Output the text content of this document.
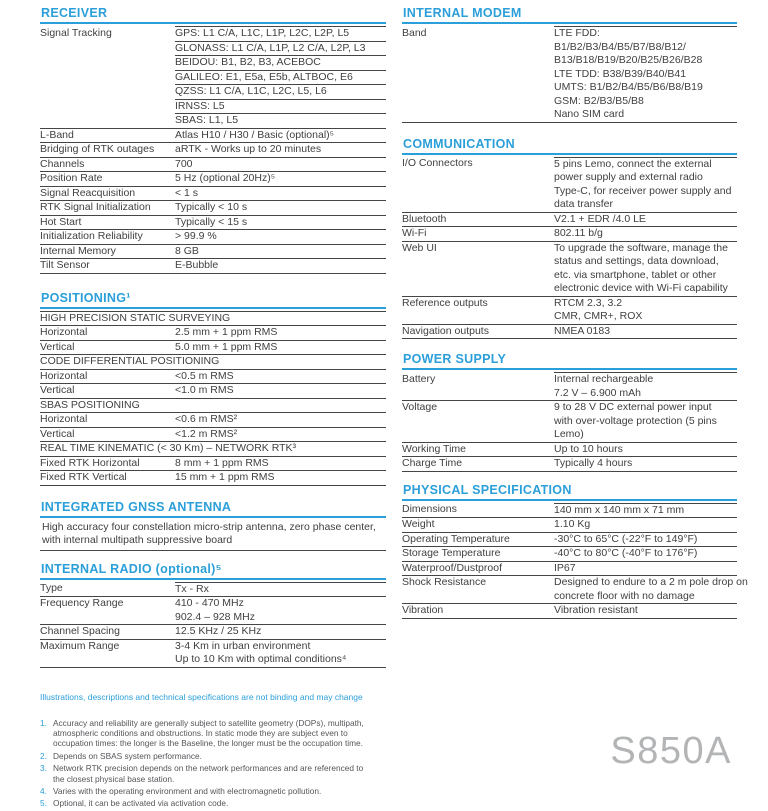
RECEIVER
Signal Tracking	GPS: L1 C/A, L1C, L1P, L2C, L2P, L5
	GLONASS: L1 C/A, L1P, L2 C/A, L2P, L3
	BEIDOU: B1, B2, B3, ACEBOC
	GALILEO: E1, E5a, E5b, ALTBOC, E6
	QZSS: L1 C/A, L1C, L2C, L5, L6
	IRNSS: L5
	SBAS: L1, L5
L-Band	Atlas H10 / H30 / Basic (optional)⁵
Bridging of RTK outages	aRTK - Works up to 20 minutes
Channels	700
Position Rate	5 Hz (optional 20Hz)⁵
Signal Reacquisition	< 1 s
RTK Signal Initialization	Typically < 10 s
Hot Start	Typically < 15 s
Initialization Reliability	> 99.9 %
Internal Memory	8 GB
Tilt Sensor	E-Bubble
POSITIONING¹
HIGH PRECISION STATIC SURVEYING	
Horizontal	2.5 mm + 1 ppm RMS
Vertical	5.0 mm + 1 ppm RMS
CODE DIFFERENTIAL POSITIONING	
Horizontal	<0.5 m RMS
Vertical	<1.0 m RMS
SBAS POSITIONING	
Horizontal	<0.6 m RMS²
Vertical	<1.2 m RMS²
REAL TIME KINEMATIC (< 30 Km) – NETWORK RTK³	
Fixed RTK Horizontal	8 mm + 1 ppm RMS
Fixed RTK Vertical	15 mm + 1 ppm RMS
INTEGRATED GNSS ANTENNA
High accuracy four constellation micro-strip antenna, zero phase center, with internal multipath suppressive board
INTERNAL RADIO (optional)⁵
Type	Tx - Rx
Frequency Range	410 - 470 MHz
902.4 – 928 MHz

Channel Spacing	12.5 KHz / 25 KHz
Maximum Range	3-4 Km in urban environment
Up to 10 Km with optimal conditions⁴
Illustrations, descriptions and technical specifications are not binding and may change
1. Accuracy and reliability are generally subject to satellite geometry (DOPs), multipath, atmospheric conditions and obstructions. In static mode they are subject even to occupation times: the longer is the Baseline, the longer must be the occupation time.
2. Depends on SBAS system performance.
3. Network RTK precision depends on the network performances and are referenced to the closest physical base station.
4. Varies with the operating environment and with electromagnetic pollution.
5. Optional, it can be activated via activation code.
INTERNAL MODEM
Band	LTE FDD:
B1/B2/B3/B4/B5/B7/B8/B12/
B13/B18/B19/B20/B25/B26/B28
LTE TDD: B38/B39/B40/B41
UMTS: B1/B2/B4/B5/B6/B8/B19
GSM: B2/B3/B5/B8
Nano SIM card
COMMUNICATION
I/O Connectors	5 pins Lemo, connect the external
power supply and external radio
Type-C, for receiver power supply and
data transfer

Bluetooth	V2.1 + EDR /4.0 LE
Wi-Fi	802.11 b/g
Web UI	To upgrade the software, manage the
status and settings, data download,
etc. via smartphone, tablet or other
electronic device with Wi-Fi capability

Reference outputs	RTCM 2.3, 3.2
CMR, CMR+, ROX

Navigation outputs	NMEA 0183
POWER SUPPLY
Battery	Internal rechargeable
7.2 V – 6.900 mAh

Voltage	9 to 28 V DC external power input
with over-voltage protection (5 pins
Lemo)

Working Time	Up to 10 hours
Charge Time	Typically 4 hours
PHYSICAL SPECIFICATION
Dimensions	140 mm x 140 mm x 71 mm
Weight	1.10 Kg
Operating Temperature	-30°C to 65°C (-22°F to 149°F)
Storage Temperature	-40°C to 80°C (-40°F to 176°F)
Waterproof/Dustproof	IP67
Shock Resistance	Designed to endure to a 2 m pole drop on
concrete floor with no damage

Vibration	Vibration resistant
S850A
